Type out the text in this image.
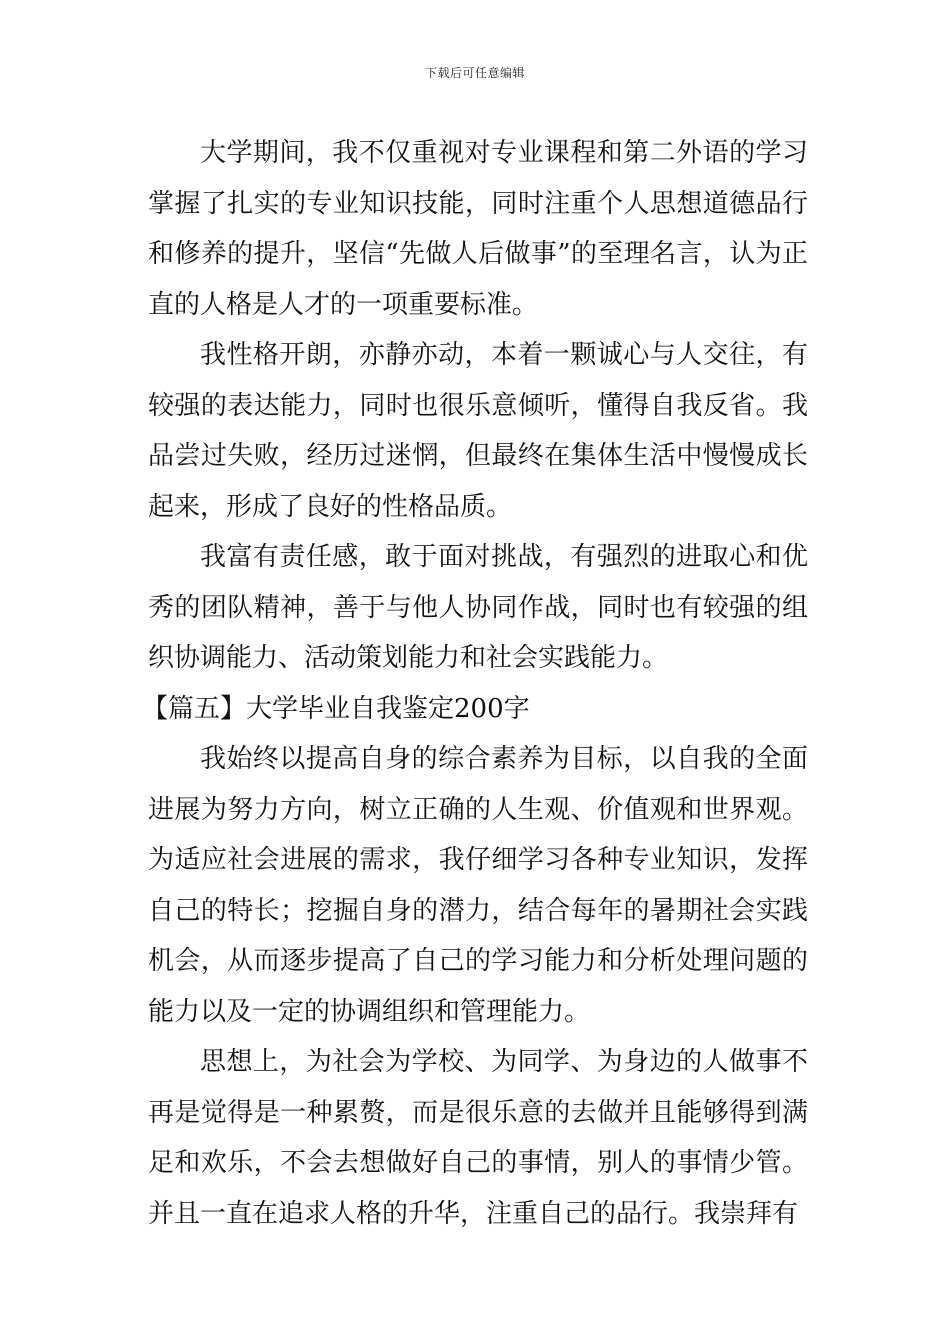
下载后可任意编辑

大学期间，我不仅重视对专业课程和第二外语的学习掌握了扎实的专业知识技能，同时注重个人思想道德品行和修养的提升，坚信“先做人后做事”的至理名言，认为正直的人格是人才的一项重要标准。

我性格开朗，亦静亦动，本着一颗诚心与人交往，有较强的表达能力，同时也很乐意倾听，懂得自我反省。我品尝过失败，经历过迷惘，但最终在集体生活中慢慢成长起来，形成了良好的性格品质。

我富有责任感，敢于面对挑战，有强烈的进取心和优秀的团队精神，善于与他人协同作战，同时也有较强的组织协调能力、活动策划能力和社会实践能力。

【篇五】大学毕业自我鉴定200字

我始终以提高自身的综合素养为目标，以自我的全面进展为努力方向，树立正确的人生观、价值观和世界观。为适应社会进展的需求，我仔细学习各种专业知识，发挥自己的特长；挖掘自身的潜力，结合每年的暑期社会实践机会，从而逐步提高了自己的学习能力和分析处理问题的能力以及一定的协调组织和管理能力。

思想上，为社会为学校、为同学、为身边的人做事不再是觉得是一种累赘，而是很乐意的去做并且能够得到满足和欢乐，不会去想做好自己的事情，别人的事情少管。并且一直在追求人格的升华，注重自己的品行。我崇拜有
